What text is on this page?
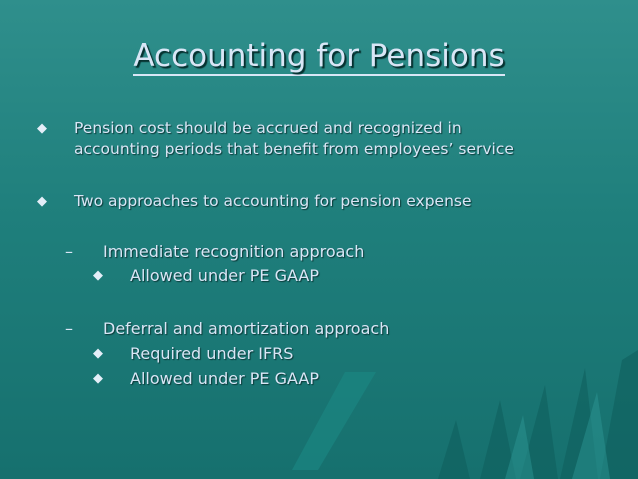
Accounting for Pensions
◆ Pension cost should be accrued and recognized in
accounting periods that benefit from employees’ service
◆ Two approaches to accounting for pension expense
– Immediate recognition approach
◆ Allowed under PE GAAP
– Deferral and amortization approach
◆ Required under IFRS
◆ Allowed under PE GAAP
